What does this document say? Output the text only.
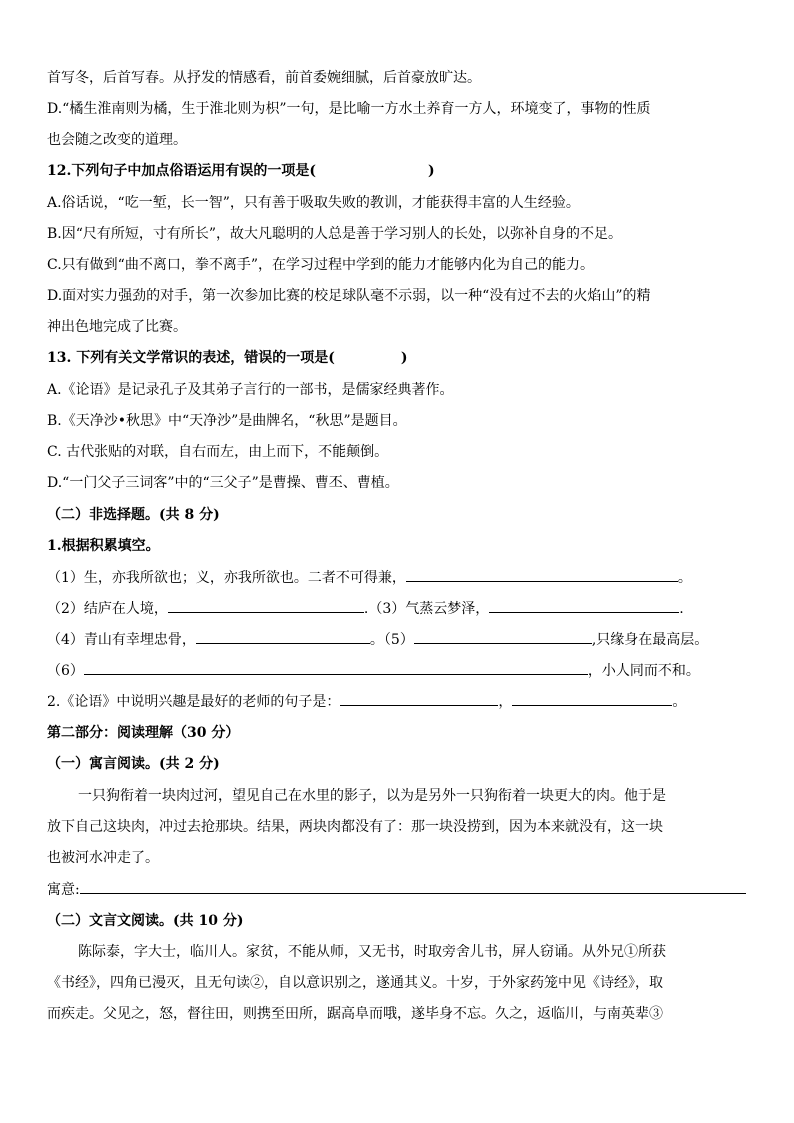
首写冬，后首写春。从抒发的情感看，前首委婉细腻，后首豪放旷达。
D.“橘生淮南则为橘，生于淮北则为枳”一句，是比喻一方水土养育一方人，环境变了，事物的性质
也会随之改变的道理。
12.下列句子中加点俗语运用有误的一项是(	)
A.俗话说，“吃一堑，长一智”，只有善于吸取失败的教训，才能获得丰富的人生经验。
B.因“尺有所短，寸有所长”，故大凡聪明的人总是善于学习别人的长处，以弥补自身的不足。
C.只有做到“曲不离口，拳不离手”，在学习过程中学到的能力才能够内化为自己的能力。
D.面对实力强劲的对手，第一次参加比赛的校足球队毫不示弱，以一种“没有过不去的火焰山”的精
神出色地完成了比赛。
13. 下列有关文学常识的表述，错误的一项是(	)
A.《论语》是记录孔子及其弟子言行的一部书，是儒家经典著作。
B.《天净沙•秋思》中“天净沙”是曲牌名，“秋思”是题目。
C. 古代张贴的对联，自右而左，由上而下，不能颠倒。
D.“一门父子三词客”中的“三父子”是曹操、曹丕、曹植。
（二）非选择题。(共 8 分)
1.根据积累填空。
（1）生，亦我所欲也；义，亦我所欲也。二者不可得兼，	。
（2）结庐在人境，	.（3）气蒸云梦泽，	.
（4）青山有幸埋忠骨，	。（5）	,只缘身在最高层。
（6）	，小人同而不和。
2.《论语》中说明兴趣是最好的老师的句子是：	，	。
第二部分：阅读理解（30 分）
（一）寓言阅读。(共 2 分)
一只狗衔着一块肉过河，望见自己在水里的影子，以为是另外一只狗衔着一块更大的肉。他于是
放下自己这块肉，冲过去抢那块。结果，两块肉都没有了：那一块没捞到，因为本来就没有，这一块
也被河水冲走了。
寓意:
（二）文言文阅读。(共 10 分)
陈际泰，字大士，临川人。家贫，不能从师，又无书，时取旁舍儿书，屏人窃诵。从外兄①所获
《书经》，四角已漫灭，且无句读②，自以意识别之，遂通其义。十岁，于外家药笼中见《诗经》，取
而疾走。父见之，怒，督往田，则携至田所，踞高阜而哦，遂毕身不忘。久之，返临川，与南英辈③
